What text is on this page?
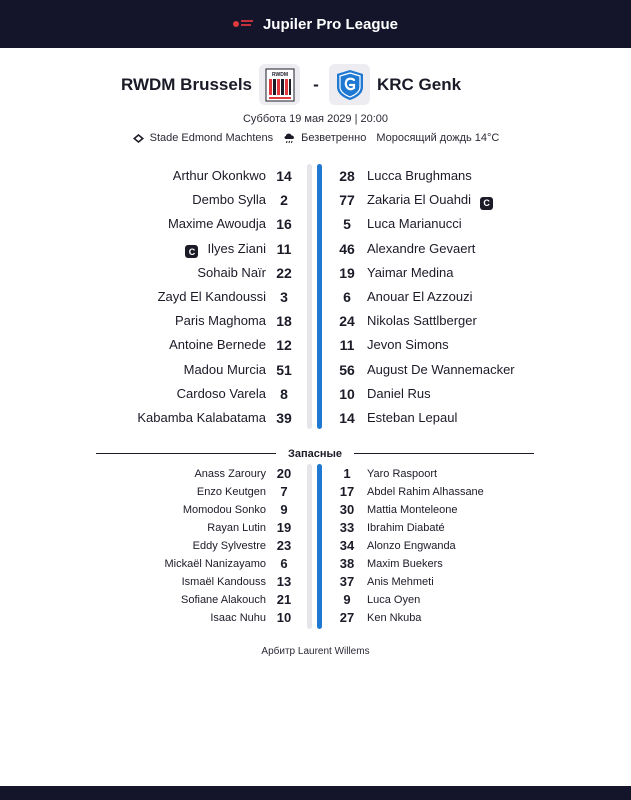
Jupiler Pro League
RWDM Brussels
RWDM
-	KRC Genk
Суббота 19 мая 2029 | 20:00
Stade Edmond Machtens	Безветренно Моросящий дождь 14°C
Arthur Okonkwo 14	28 Lucca Brughmans
Dembo Sylla	2	77 Zakaria El Ouahdi C
Maxime Awoudja 16	5	Luca Marianucci
C Ilyes Ziani 11	46 Alexandre Gevaert
Sohaib Naïr 22	19 Yaimar Medina
Zayd El Kandoussi	3	6	Anouar El Azzouzi
Paris Maghoma 18	24 Nikolas Sattlberger
Antoine Bernede 12	11 Jevon Simons
Madou Murcia 51	56 August De Wannemacker
Cardoso Varela	8	10 Daniel Rus
Kabamba Kalabatama 39	14 Esteban Lepaul
Запасные
Anass Zaroury 20	1	Yaro Raspoort
Enzo Keutgen	7	17	Abdel Rahim Alhassane
Momodou Sonko	9	30	Mattia Monteleone
Rayan Lutin 19	33	Ibrahim Diabaté
Eddy Sylvestre 23	34	Alonzo Engwanda
Mickaël Nanizayamo	6	38	Maxim Buekers
Ismaël Kandouss 13	37	Anis Mehmeti
Sofiane Alakouch 21	9	Luca Oyen
Isaac Nuhu 10	27	Ken Nkuba
Арбитр Laurent Willems
